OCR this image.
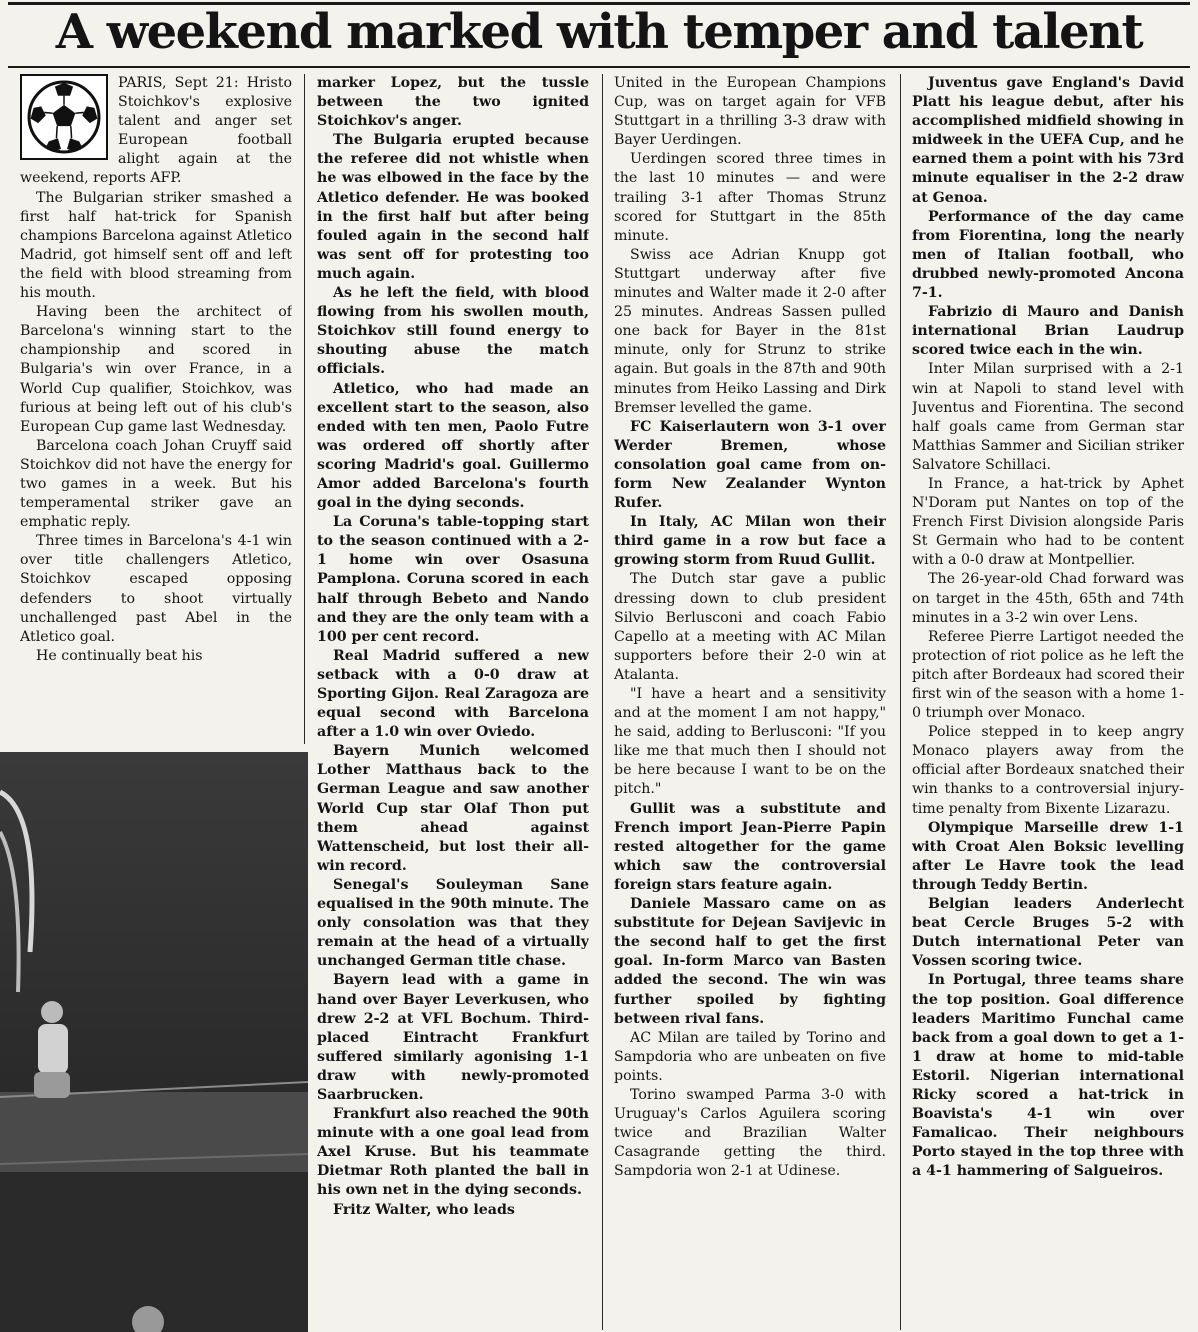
A weekend marked with temper and talent

PARIS, Sept 21: Hristo Stoichkov's explosive talent and anger set European football alight again at the weekend, reports AFP.

The Bulgarian striker smashed a first half hat-trick for Spanish champions Barcelona against Atletico Madrid, got himself sent off and left the field with blood streaming from his mouth.

Having been the architect of Barcelona's winning start to the championship and scored in Bulgaria's win over France, in a World Cup qualifier, Stoichkov, was furious at being left out of his club's European Cup game last Wednesday.

Barcelona coach Johan Cruyff said Stoichkov did not have the energy for two games in a week. But his temperamental striker gave an emphatic reply.

Three times in Barcelona's 4-1 win over title challengers Atletico, Stoichkov escaped opposing defenders to shoot virtually unchallenged past Abel in the Atletico goal.

He continually beat his

marker Lopez, but the tussle between the two ignited Stoichkov's anger.

The Bulgaria erupted because the referee did not whistle when he was elbowed in the face by the Atletico defender. He was booked in the first half but after being fouled again in the second half was sent off for protesting too much again.

As he left the field, with blood flowing from his swollen mouth, Stoichkov still found energy to shouting abuse the match officials.

Atletico, who had made an excellent start to the season, also ended with ten men, Paolo Futre was ordered off shortly after scoring Madrid's goal. Guillermo Amor added Barcelona's fourth goal in the dying seconds.

La Coruna's table-topping start to the season continued with a 2-1 home win over Osasuna Pamplona. Coruna scored in each half through Bebeto and Nando and they are the only team with a 100 per cent record.

Real Madrid suffered a new setback with a 0-0 draw at Sporting Gijon. Real Zaragoza are equal second with Barcelona after a 1.0 win over Oviedo.

Bayern Munich welcomed Lother Matthaus back to the German League and saw another World Cup star Olaf Thon put them ahead against Wattenscheid, but lost their all-win record.

Senegal's Souleyman Sane equalised in the 90th minute. The only consolation was that they remain at the head of a virtually unchanged German title chase.

Bayern lead with a game in hand over Bayer Leverkusen, who drew 2-2 at VFL Bochum. Third-placed Eintracht Frankfurt suffered similarly agonising 1-1 draw with newly-promoted Saarbrucken.

Frankfurt also reached the 90th minute with a one goal lead from Axel Kruse. But his teammate Dietmar Roth planted the ball in his own net in the dying seconds.

Fritz Walter, who leads

United in the European Champions Cup, was on target again for VFB Stuttgart in a thrilling 3-3 draw with Bayer Uerdingen.

Uerdingen scored three times in the last 10 minutes — and were trailing 3-1 after Thomas Strunz scored for Stuttgart in the 85th minute.

Swiss ace Adrian Knupp got Stuttgart underway after five minutes and Walter made it 2-0 after 25 minutes. Andreas Sassen pulled one back for Bayer in the 81st minute, only for Strunz to strike again. But goals in the 87th and 90th minutes from Heiko Lassing and Dirk Bremser levelled the game.

FC Kaiserlautern won 3-1 over Werder Bremen, whose consolation goal came from on-form New Zealander Wynton Rufer.

In Italy, AC Milan won their third game in a row but face a growing storm from Ruud Gullit.

The Dutch star gave a public dressing down to club president Silvio Berlusconi and coach Fabio Capello at a meeting with AC Milan supporters before their 2-0 win at Atalanta.

"I have a heart and a sensitivity and at the moment I am not happy," he said, adding to Berlusconi: "If you like me that much then I should not be here because I want to be on the pitch."

Gullit was a substitute and French import Jean-Pierre Papin rested altogether for the game which saw the controversial foreign stars feature again.

Daniele Massaro came on as substitute for Dejean Savijevic in the second half to get the first goal. In-form Marco van Basten added the second. The win was further spoiled by fighting between rival fans.

AC Milan are tailed by Torino and Sampdoria who are unbeaten on five points.

Torino swamped Parma 3-0 with Uruguay's Carlos Aguilera scoring twice and Brazilian Walter Casagrande getting the third. Sampdoria won 2-1 at Udinese.

Juventus gave England's David Platt his league debut, after his accomplished midfield showing in midweek in the UEFA Cup, and he earned them a point with his 73rd minute equaliser in the 2-2 draw at Genoa.

Performance of the day came from Fiorentina, long the nearly men of Italian football, who drubbed newly-promoted Ancona 7-1.

Fabrizio di Mauro and Danish international Brian Laudrup scored twice each in the win.

Inter Milan surprised with a 2-1 win at Napoli to stand level with Juventus and Fiorentina. The second half goals came from German star Matthias Sammer and Sicilian striker Salvatore Schillaci.

In France, a hat-trick by Aphet N'Doram put Nantes on top of the French First Division alongside Paris St Germain who had to be content with a 0-0 draw at Montpellier.

The 26-year-old Chad forward was on target in the 45th, 65th and 74th minutes in a 3-2 win over Lens.

Referee Pierre Lartigot needed the protection of riot police as he left the pitch after Bordeaux had scored their first win of the season with a home 1-0 triumph over Monaco.

Police stepped in to keep angry Monaco players away from the official after Bordeaux snatched their win thanks to a controversial injury-time penalty from Bixente Lizarazu.

Olympique Marseille drew 1-1 with Croat Alen Boksic levelling after Le Havre took the lead through Teddy Bertin.

Belgian leaders Anderlecht beat Cercle Bruges 5-2 with Dutch international Peter van Vossen scoring twice.

In Portugal, three teams share the top position. Goal difference leaders Maritimo Funchal came back from a goal down to get a 1-1 draw at home to mid-table Estoril. Nigerian international Ricky scored a hat-trick in Boavista's 4-1 win over Famalicao. Their neighbours Porto stayed in the top three with a 4-1 hammering of Salgueiros.
